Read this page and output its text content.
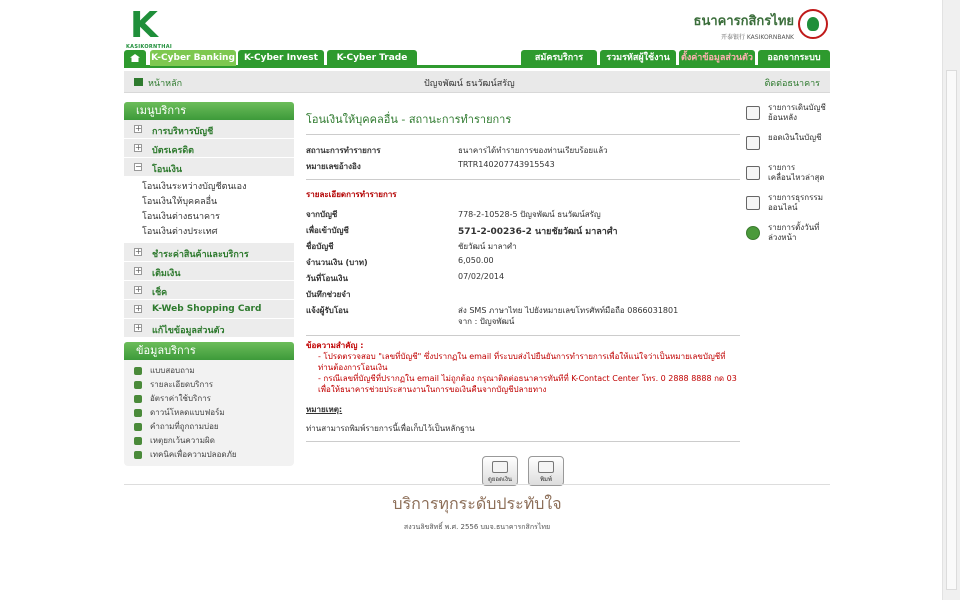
K
KASIKORNTHAI
ธนาคารกสิกรไทย
开泰银行 KASIKORNBANK
K-Cyber Banking	K-Cyber Invest	K-Cyber Trade	สมัครบริการ	รวมรหัสผู้ใช้งาน	ตั้งค่าข้อมูลส่วนตัว	ออกจากระบบ
หน้าหลัก	ปัญจพัฒน์ ธนวัฒน์สรัญ	ติดต่อธนาคาร
เมนูบริการ
+ การบริหารบัญชี
+ บัตรเครดิต
− โอนเงิน
โอนเงินระหว่างบัญชีตนเอง
โอนเงินให้บุคคลอื่น
โอนเงินต่างธนาคาร
โอนเงินต่างประเทศ
+ ชำระค่าสินค้าและบริการ
+ เติมเงิน
+ เช็ค
+ K-Web Shopping Card
+ แก้ไขข้อมูลส่วนตัว
ข้อมูลบริการ
แบบสอบถาม
รายละเอียดบริการ
อัตราค่าใช้บริการ
ดาวน์โหลดแบบฟอร์ม
คำถามที่ถูกถามบ่อย
เหตุยกเว้นความผิด
เทคนิคเพื่อความปลอดภัย
โอนเงินให้บุคคลอื่น - สถานะการทำรายการ
สถานะการทำรายการ	ธนาคารได้ทำรายการของท่านเรียบร้อยแล้ว
หมายเลขอ้างอิง	TRTR140207743915543
รายละเอียดการทำรายการ
จากบัญชี	778-2-10528-5 ปัญจพัฒน์ ธนวัฒน์สรัญ
เพื่อเข้าบัญชี	571-2-00236-2 นายชัยวัฒน์ มาลาศำ
ชื่อบัญชี	ชัยวัฒน์ มาลาศำ
จำนวนเงิน (บาท)	6,050.00
วันที่โอนเงิน	07/02/2014
บันทึกช่วยจำ
แจ้งผู้รับโอน	ส่ง SMS ภาษาไทย ไปยังหมายเลขโทรศัพท์มือถือ 0866031801
จาก : ปัญจพัฒน์
ข้อความสำคัญ :
- โปรดตรวจสอบ "เลขที่บัญชี" ซึ่งปรากฏใน email ที่ระบบส่งไปยืนยันการทำรายการเพื่อให้แน่ใจว่าเป็นหมายเลขบัญชีที่ท่านต้องการโอนเงิน
- กรณีเลขที่บัญชีที่ปรากฏใน email ไม่ถูกต้อง กรุณาติดต่อธนาคารทันทีที่ K-Contact Center โทร. 0 2888 8888 กด 03 เพื่อให้ธนาคารช่วยประสานงานในการขอเงินคืนจากบัญชีปลายทาง
หมายเหตุ:
ท่านสามารถพิมพ์รายการนี้เพื่อเก็บไว้เป็นหลักฐาน
ดูยอดเงิน	พิมพ์
รายการเดินบัญชีย้อนหลัง
ยอดเงินในบัญชี
รายการเคลื่อนไหวล่าสุด
รายการธุรกรรมออนไลน์
รายการตั้งวันที่ล่วงหน้า
บริการทุกระดับประทับใจ
สงวนลิขสิทธิ์ พ.ศ. 2556 บมจ.ธนาคารกสิกรไทย
